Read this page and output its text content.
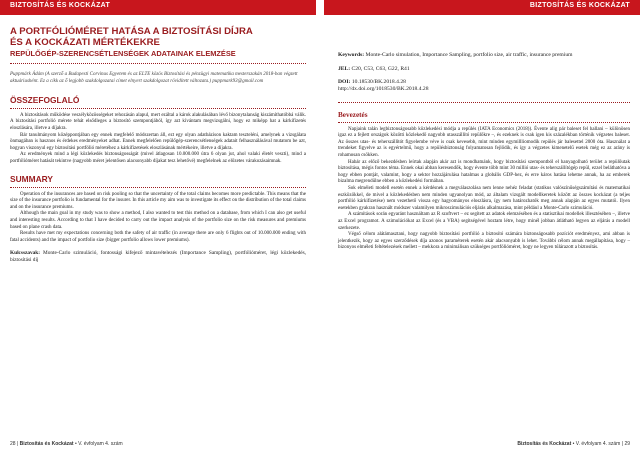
BIZTOSÍTÁS ÉS KOCKÁZAT	BIZTOSÍTÁS ÉS KOCKÁZAT
A PORTFÓLIÓMÉRET HATÁSA A BIZTOSÍTÁSI DÍJRA
ÉS A KOCKÁZATI MÉRTÉKEKRE
REPÜLŐGÉP-SZERENCSÉTLENSÉGEK ADATAINAK ELEMZÉSE
Puppmárk Ádám (A szerző a Budapesti Corvinus Egyetem és az ELTE közös Biztosítási és pénzügyi matematika mesterszakán 2018-ban végzett aktuáriushént. Ez a cikk az ő legjobb szakdolgozatai címet elnyert szakdolgozat rövidített változata.) puppmark93@gmail.com
ÖSSZEFOGLALÓ

A biztosítások működése veszélyközösségeket rehozásán alapul, mert ezáltal a károk alakulásában lévő bizonytalanság kiszámíthatóbbá válik. A biztosítási portfolió mérete tehát elsődleges a biztosító szempontjából, így azt kívántam megvizsgálni, hogy ez miképp hat a kárkifizetés eloszlására, illetve a díjakra.

Bár tanulmányom középpontjában egy ennek megfelelő módszertan áll, ezt egy olyan adatbázison kaktam teszteléni, amelynek a vizsgálata önmagában is hasznos és érdekes eredményeket adhat. Ennek megfelelően repülőgép-szerencsétlenségek adatait felhasználásával mutatom be azt, hogyan viszonyul egy biztosítási portfólió méretéhez a kárkifizetések eloszlásának mértékeire, illetve a díjakra.

Az eredmények mind a légi közlekedés biztonságosságát (mivel átlagosan 10.000.000 útra 6 olyan jut, ahol valaki életét veszti), mind a portfólióméret hatását tekintve (nagyobb méret jelentősen alacsonyabb díjakat tesz lehetővé) megfelelnek az előzetes várakozásaimnak.

SUMMARY

Operation of the insurances are based on risk pooling so that the uncertainty of the total claims becomes more predictable. This means that the size of the insurance portfolio is fundamental for the insurer. In this article my aim was to investigate its effect on the distribution of the total claims and on the insurance premiums.

Although the main goal in my study was to show a method, I also wanted to test this method on a database, from which I can also get useful and interesting results. According to that I have decided to carry out the impact analysis of the portfolio size on the risk measures and premiums based on plane crash data.

Results have met my expectations concerning both the safety of air traffic (in average there are only 6 flights out of 10.000.000 ending with fatal accidents) and the impact of portfolio size (bigger portfolio allows lower premiums).

Kulcsszavak: Monte-Carlo szimuláció, fontossági kifejező mintavételezés (Importance Sampling), portfólióméret, légi közlekedés, biztosítási díj

Keywords: Monte-Carlo simulation, Importance Sampling, portfolio size, air traffic, insurance premium
JEL: C20, C53, C63, G22, R41
DOI: 10.18530/BK.2018.4.28
http://dx.doi.org/1018530/BK.2018.4.28
Bevezetés

Napjaink talán legbiztonságosabb közlekedési módja a repülés (IATA Economics (2018)). Évente alig pár baleset fel hallani – különösen igaz ez a fejlett országok közötti közlekedő nagyobb utasszállító repülőkre –, és ezeknek is csak igen kis százalékban történik végzetes baleset. Az összes utas- és teherszállítót figyelembe véve is csak kevesebb, mint minden egymillliomodik repülés jár balesettel 2000 óta. Használat a trendeket figyelve az is egyértelmű, hogy a repülésbiztonság folyamatosan fejlődik, és így a végzetes kimenetelű esetek még ez az arány is rohamosan csökken.

Habár az előző bekezdésben leírtak alapján akár azt is mondhatnánk, hogy biztosítási szempontból el hanyagolható terület a repülőutak biztosítása, mégis fontos téma. Ennek okai abban keresendők, hogy évente több mint 30 millió utas- és teherszállítógép repül, ezzel beláthatóva a hogy ebben pontját, valamint, hogy a sektor hozzájárulása hatalmas a globális GDP-hez, és erre káros hatása lehetne annak, ha az emberek bizalma megrendülne ebben a közlekedési formában.

Sok elméleti modell esetén ennek a kérdésnek a megválaszolása nem lenne nehéz feladat (statikus valószínűségszámítási és matematikai eszközökkel, de mivel a közlekedésben nem minden ugyanolyan mód, az általam vizsgált modellkeretek között az összes kockázat (a teljes portfólió kárkifizetése) nem vezethető vissza egy hagyományos eloszlásra, így nem határozhatók meg annak alapján az egyes mutatói. Ilyen esetekben gyakran használt módszer valamilyen mikroszimulációs eljárás alkalmazása, mint például a Monte-Carlo szimuláció.

A számítások során egyaránt használtam az R szoftvert – ez segített az adatok elemzésében és a statisztikai modellek illesztésében –, illetve az Excel programot. A szimulációkat az Excel (és a VBA) segítségével hoztam létre, hogy minél jobban átlátható legyen az eljárás a modell szerkezete.

Végső célom alátámasztani, hogy nagyobb biztosítási portfólió a biztosító számára biztonságosabb pozíciót eredményez, ami abban is jelentkezik, hogy az egyes szerződések díja azonos paraméterek esetén akár alacsonyabb is lehet. További célom annak megállapítása, hogy – bizonyos elméleti feltételezések mellett – mekkora a minimálisan szükséges portfólióméret, hogy ne legyen túlárazott a biztosítás.

28 | Biztosítás és Kockázat • V. évfolyam 4. szám	Biztosítás és Kockázat • V. évfolyam 4. szám | 29
